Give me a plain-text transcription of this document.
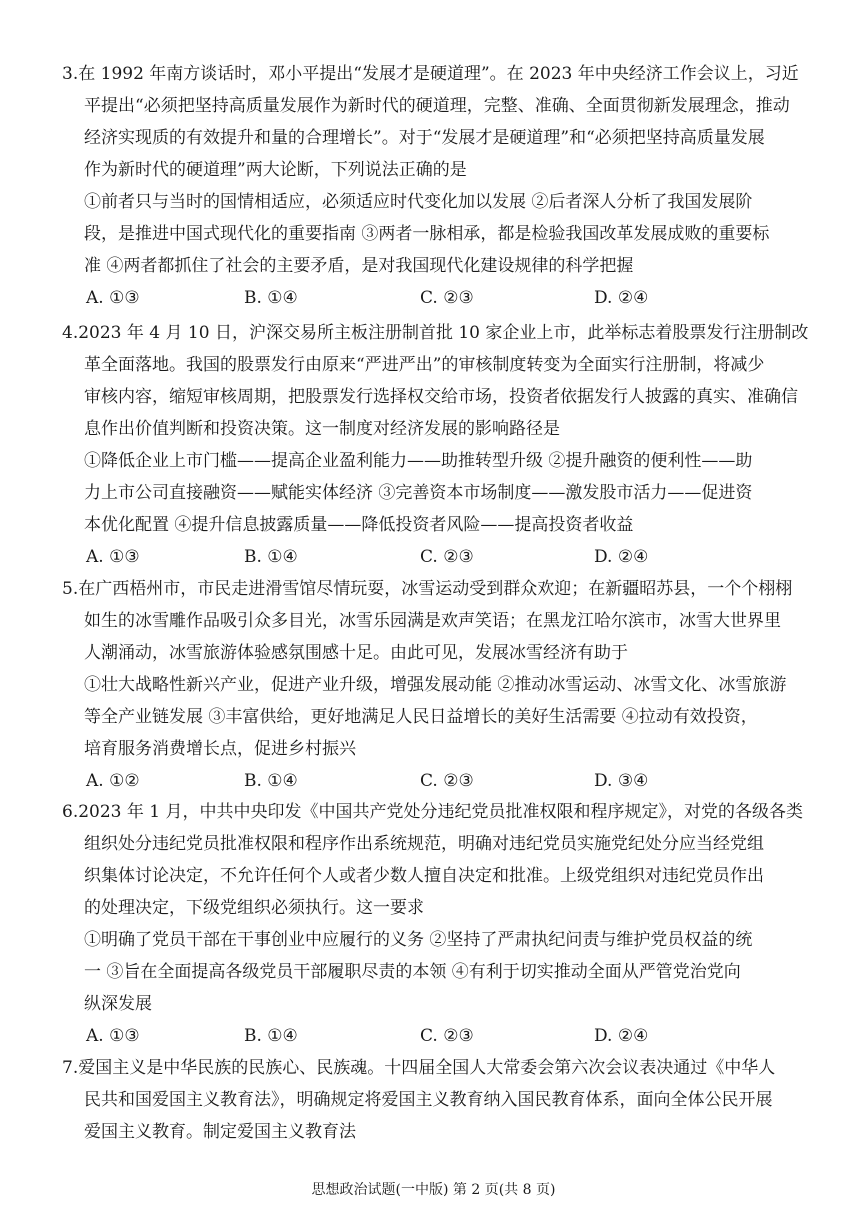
3.在 1992 年南方谈话时，邓小平提出“发展才是硬道理”。在 2023 年中央经济工作会议上，习近
平提出“必须把坚持高质量发展作为新时代的硬道理，完整、准确、全面贯彻新发展理念，推动
经济实现质的有效提升和量的合理增长”。对于“发展才是硬道理”和“必须把坚持高质量发展
作为新时代的硬道理”两大论断，下列说法正确的是
①前者只与当时的国情相适应，必须适应时代变化加以发展 ②后者深人分析了我国发展阶
段，是推进中国式现代化的重要指南 ③两者一脉相承，都是检验我国改革发展成败的重要标
准 ④两者都抓住了社会的主要矛盾，是对我国现代化建设规律的科学把握
A. ①③	B. ①④	C. ②③	D. ②④
4.2023 年 4 月 10 日，沪深交易所主板注册制首批 10 家企业上市，此举标志着股票发行注册制改
革全面落地。我国的股票发行由原来“严进严出”的审核制度转变为全面实行注册制，将减少
审核内容，缩短审核周期，把股票发行选择权交给市场，投资者依据发行人披露的真实、准确信
息作出价值判断和投资决策。这一制度对经济发展的影响路径是
①降低企业上市门槛——提高企业盈利能力——助推转型升级 ②提升融资的便利性——助
力上市公司直接融资——赋能实体经济 ③完善资本市场制度——激发股市活力——促进资
本优化配置 ④提升信息披露质量——降低投资者风险——提高投资者收益
A. ①③	B. ①④	C. ②③	D. ②④
5.在广西梧州市，市民走进滑雪馆尽情玩耍，冰雪运动受到群众欢迎；在新疆昭苏县，一个个栩栩
如生的冰雪雕作品吸引众多目光，冰雪乐园满是欢声笑语；在黑龙江哈尔滨市，冰雪大世界里
人潮涌动，冰雪旅游体验感氛围感十足。由此可见，发展冰雪经济有助于
①壮大战略性新兴产业，促进产业升级，增强发展动能 ②推动冰雪运动、冰雪文化、冰雪旅游
等全产业链发展 ③丰富供给，更好地满足人民日益增长的美好生活需要 ④拉动有效投资，
培育服务消费增长点，促进乡村振兴
A. ①②	B. ①④	C. ②③	D. ③④
6.2023 年 1 月，中共中央印发《中国共产党处分违纪党员批准权限和程序规定》，对党的各级各类
组织处分违纪党员批准权限和程序作出系统规范，明确对违纪党员实施党纪处分应当经党组
织集体讨论决定，不允许任何个人或者少数人擅自决定和批准。上级党组织对违纪党员作出
的处理决定，下级党组织必须执行。这一要求
①明确了党员干部在干事创业中应履行的义务 ②坚持了严肃执纪问责与维护党员权益的统
一 ③旨在全面提高各级党员干部履职尽责的本领 ④有利于切实推动全面从严管党治党向
纵深发展
A. ①③	B. ①④	C. ②③	D. ②④
7.爱国主义是中华民族的民族心、民族魂。十四届全国人大常委会第六次会议表决通过《中华人
民共和国爱国主义教育法》，明确规定将爱国主义教育纳入国民教育体系，面向全体公民开展
爱国主义教育。制定爱国主义教育法
思想政治试题(一中版) 第 2 页(共 8 页)
